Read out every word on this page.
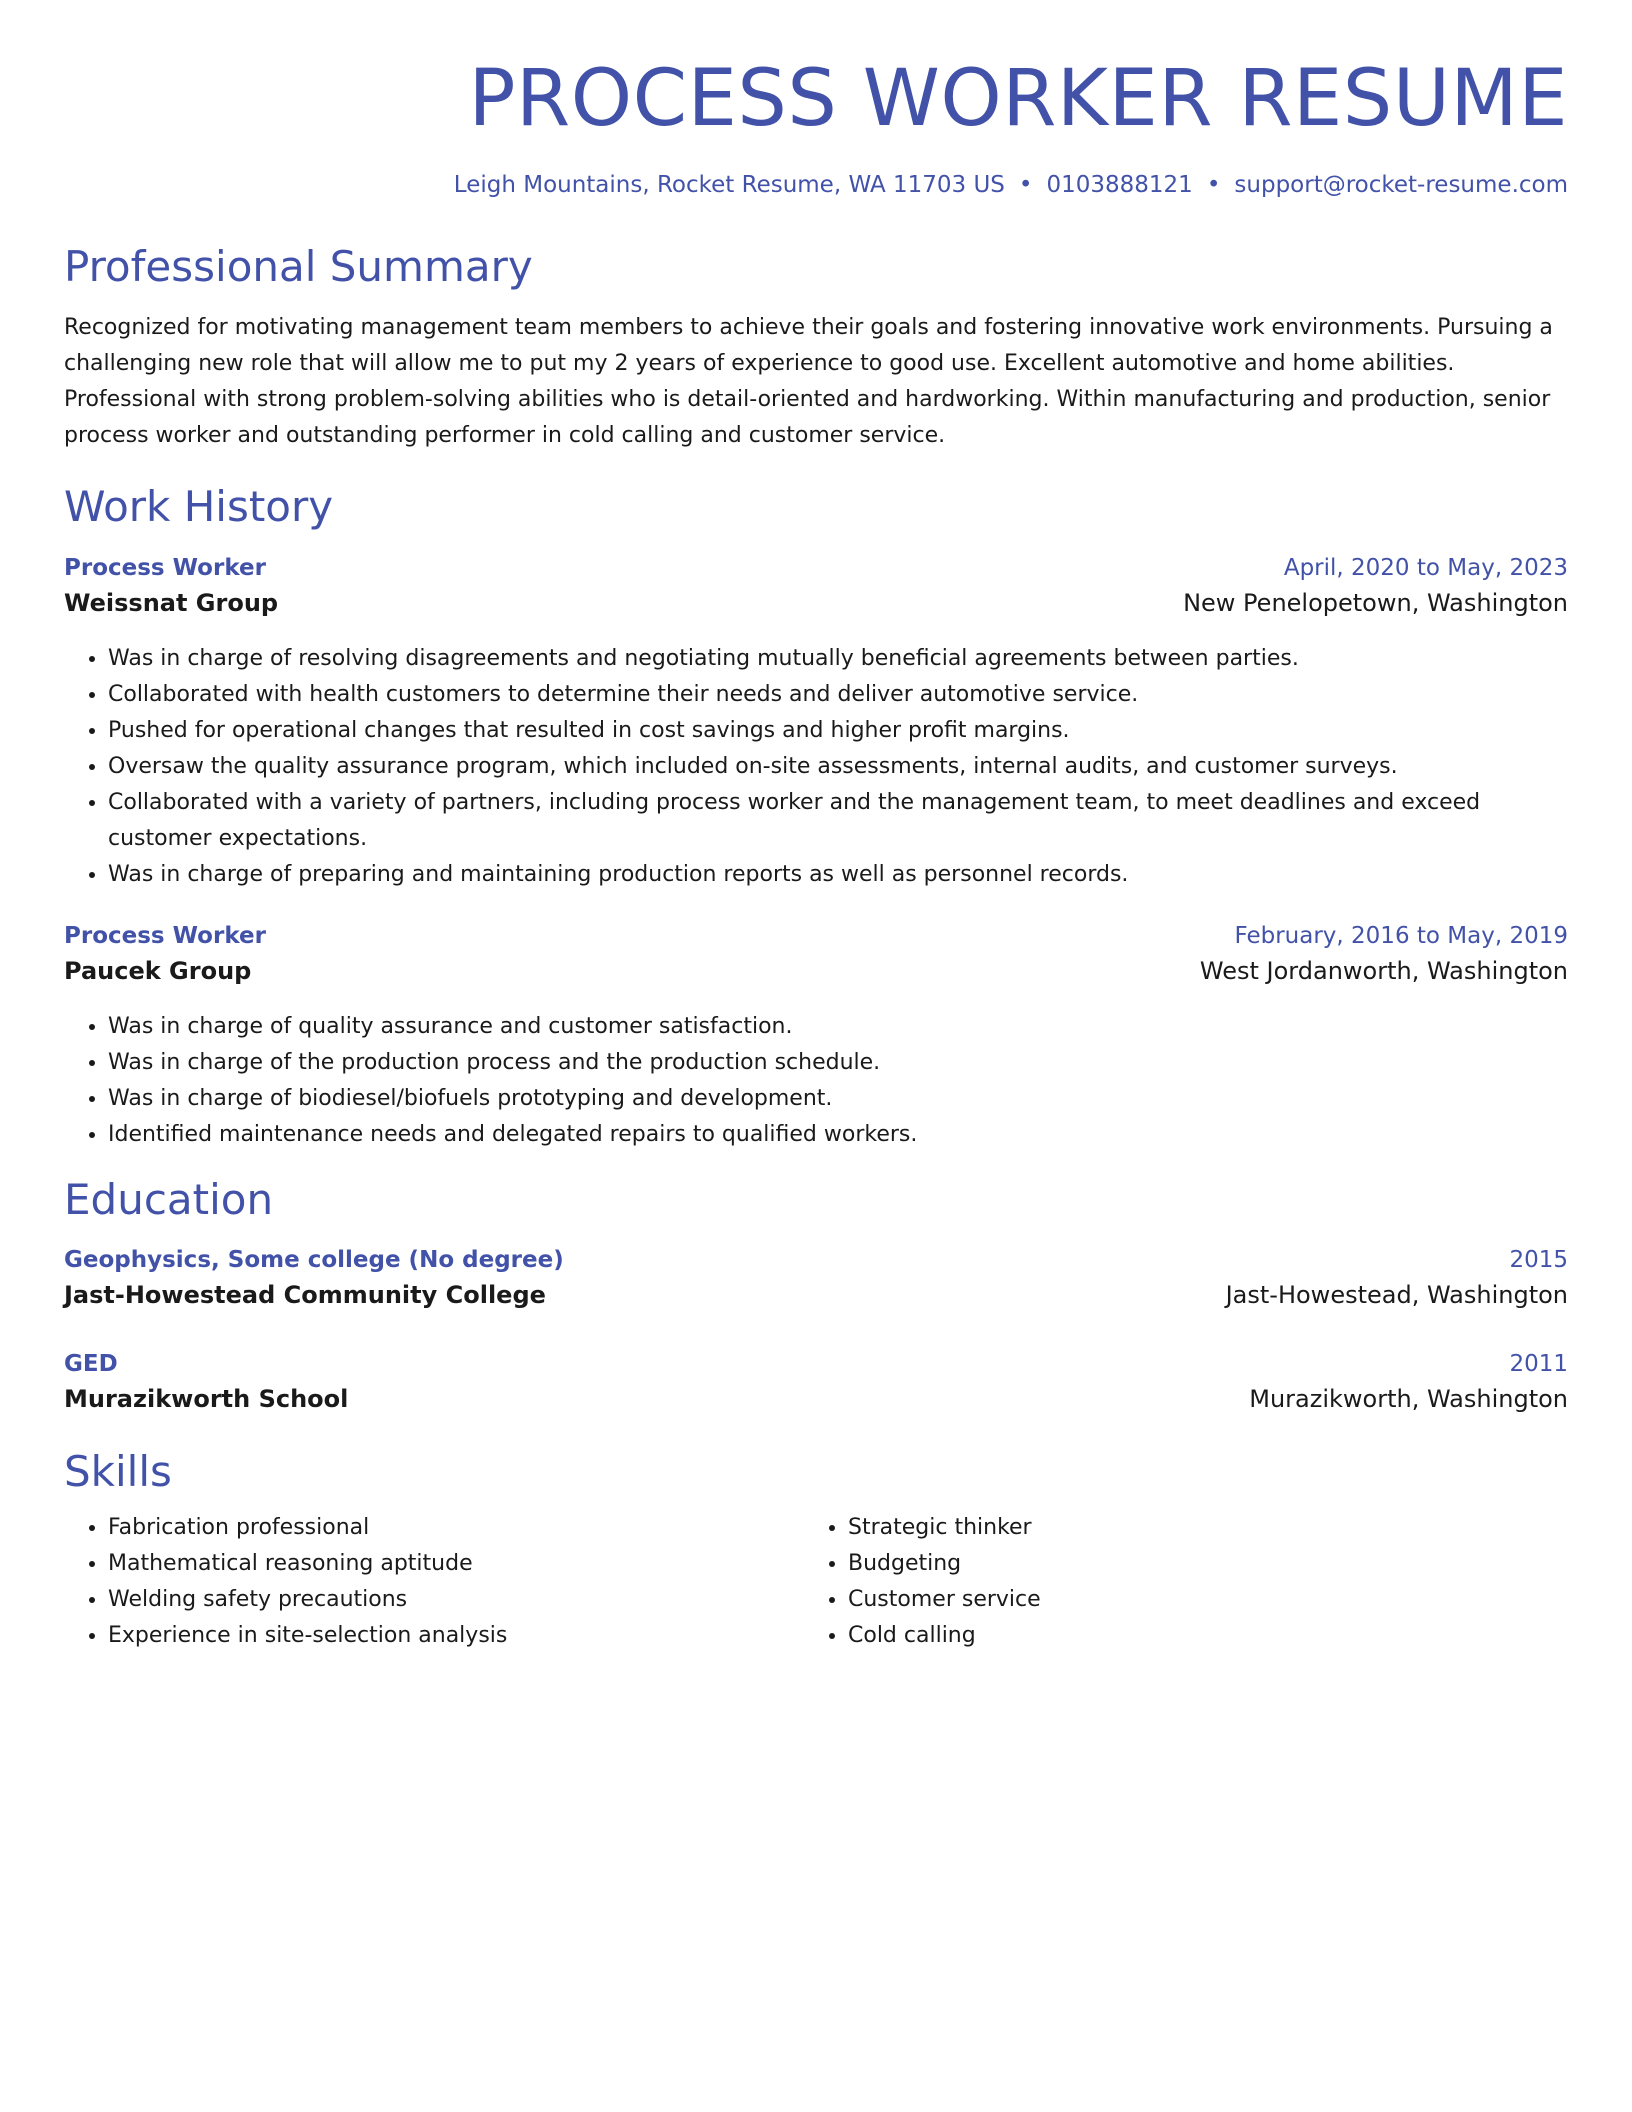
PROCESS WORKER RESUME
Leigh Mountains, Rocket Resume, WA 11703 US • 0103888121 • support@rocket-resume.com
Professional Summary
Recognized for motivating management team members to achieve their goals and fostering innovative work environments. Pursuing a challenging new role that will allow me to put my 2 years of experience to good use. Excellent automotive and home abilities. Professional with strong problem-solving abilities who is detail-oriented and hardworking. Within manufacturing and production, senior process worker and outstanding performer in cold calling and customer service.
Work History
Process Worker	April, 2020 to May, 2023
Weissnat Group	New Penelopetown, Washington
• Was in charge of resolving disagreements and negotiating mutually beneficial agreements between parties.
• Collaborated with health customers to determine their needs and deliver automotive service.
• Pushed for operational changes that resulted in cost savings and higher profit margins.
• Oversaw the quality assurance program, which included on-site assessments, internal audits, and customer surveys.
• Collaborated with a variety of partners, including process worker and the management team, to meet deadlines and exceed customer expectations.
• Was in charge of preparing and maintaining production reports as well as personnel records.
Process Worker	February, 2016 to May, 2019
Paucek Group	West Jordanworth, Washington
• Was in charge of quality assurance and customer satisfaction.
• Was in charge of the production process and the production schedule.
• Was in charge of biodiesel/biofuels prototyping and development.
• Identified maintenance needs and delegated repairs to qualified workers.
Education
Geophysics, Some college (No degree)	2015
Jast-Howestead Community College	Jast-Howestead, Washington
GED	2011
Murazikworth School	Murazikworth, Washington
Skills
• Fabrication professional
• Mathematical reasoning aptitude
• Welding safety precautions
• Experience in site-selection analysis
• Strategic thinker
• Budgeting
• Customer service
• Cold calling
